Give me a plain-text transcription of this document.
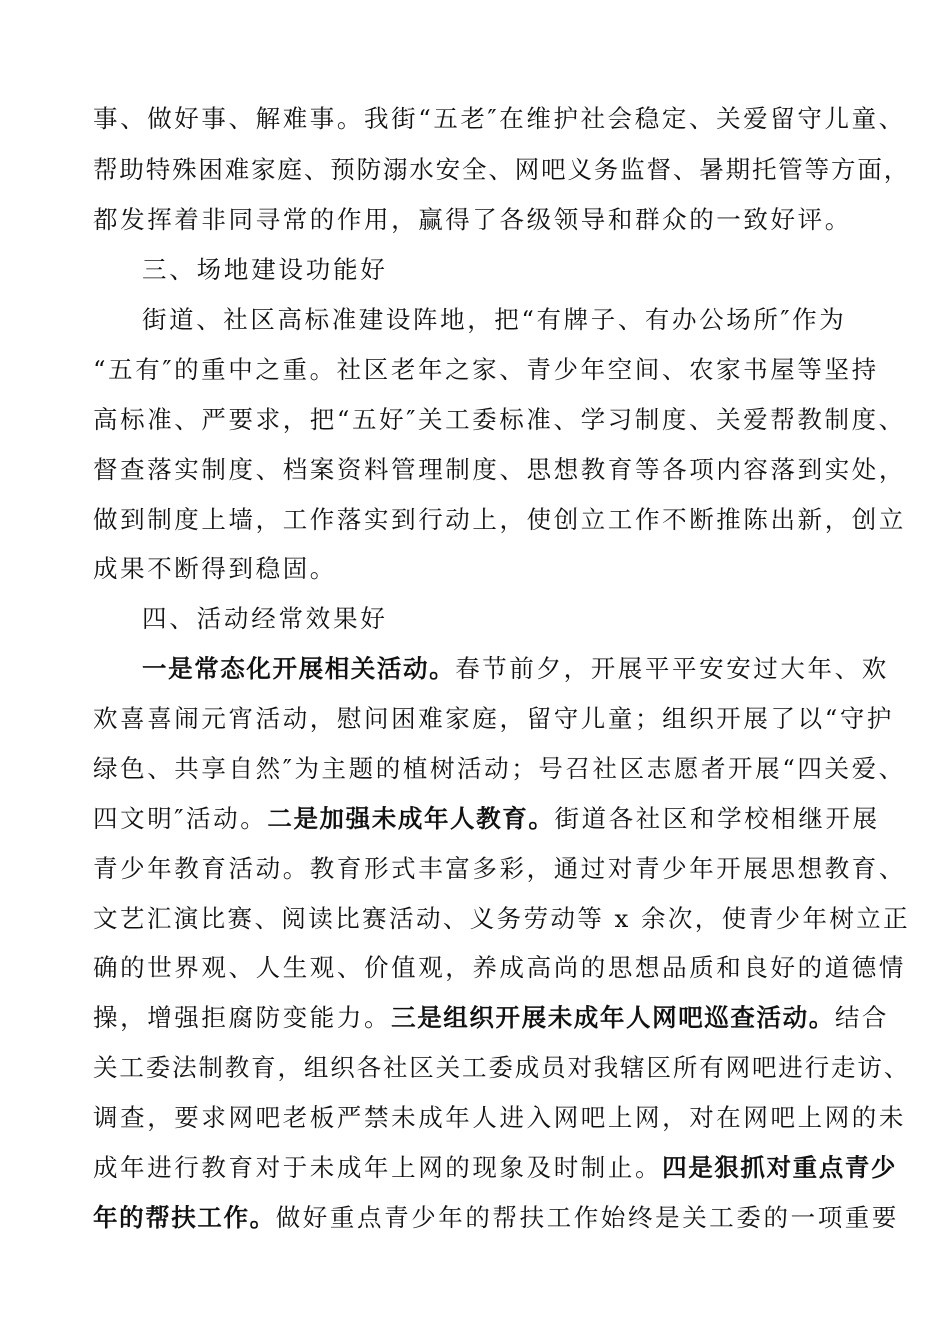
事、做好事、解难事。我街“五老″在维护社会稳定、关爱留守儿童、
帮助特殊困难家庭、预防溺水安全、网吧义务监督、暑期托管等方面，
都发挥着非同寻常的作用，赢得了各级领导和群众的一致好评。
三、场地建设功能好
街道、社区高标准建设阵地，把“有牌子、有办公场所″作为
“五有″的重中之重。社区老年之家、青少年空间、农家书屋等坚持
高标准、严要求，把“五好″关工委标准、学习制度、关爱帮教制度、
督查落实制度、档案资料管理制度、思想教育等各项内容落到实处，
做到制度上墙，工作落实到行动上，使创立工作不断推陈出新，创立
成果不断得到稳固。
四、活动经常效果好
一是常态化开展相关活动。春节前夕，开展平平安安过大年、欢
欢喜喜闹元宵活动，慰问困难家庭，留守儿童；组织开展了以“守护
绿色、共享自然″为主题的植树活动；号召社区志愿者开展“四关爱、
四文明″活动。二是加强未成年人教育。街道各社区和学校相继开展
青少年教育活动。教育形式丰富多彩，通过对青少年开展思想教育、
文艺汇演比赛、阅读比赛活动、义务劳动等 x 余次，使青少年树立正
确的世界观、人生观、价值观，养成高尚的思想品质和良好的道德情
操，增强拒腐防变能力。三是组织开展未成年人网吧巡查活动。结合
关工委法制教育，组织各社区关工委成员对我辖区所有网吧进行走访、
调查，要求网吧老板严禁未成年人进入网吧上网，对在网吧上网的未
成年进行教育对于未成年上网的现象及时制止。四是狠抓对重点青少
年的帮扶工作。做好重点青少年的帮扶工作始终是关工委的一项重要
